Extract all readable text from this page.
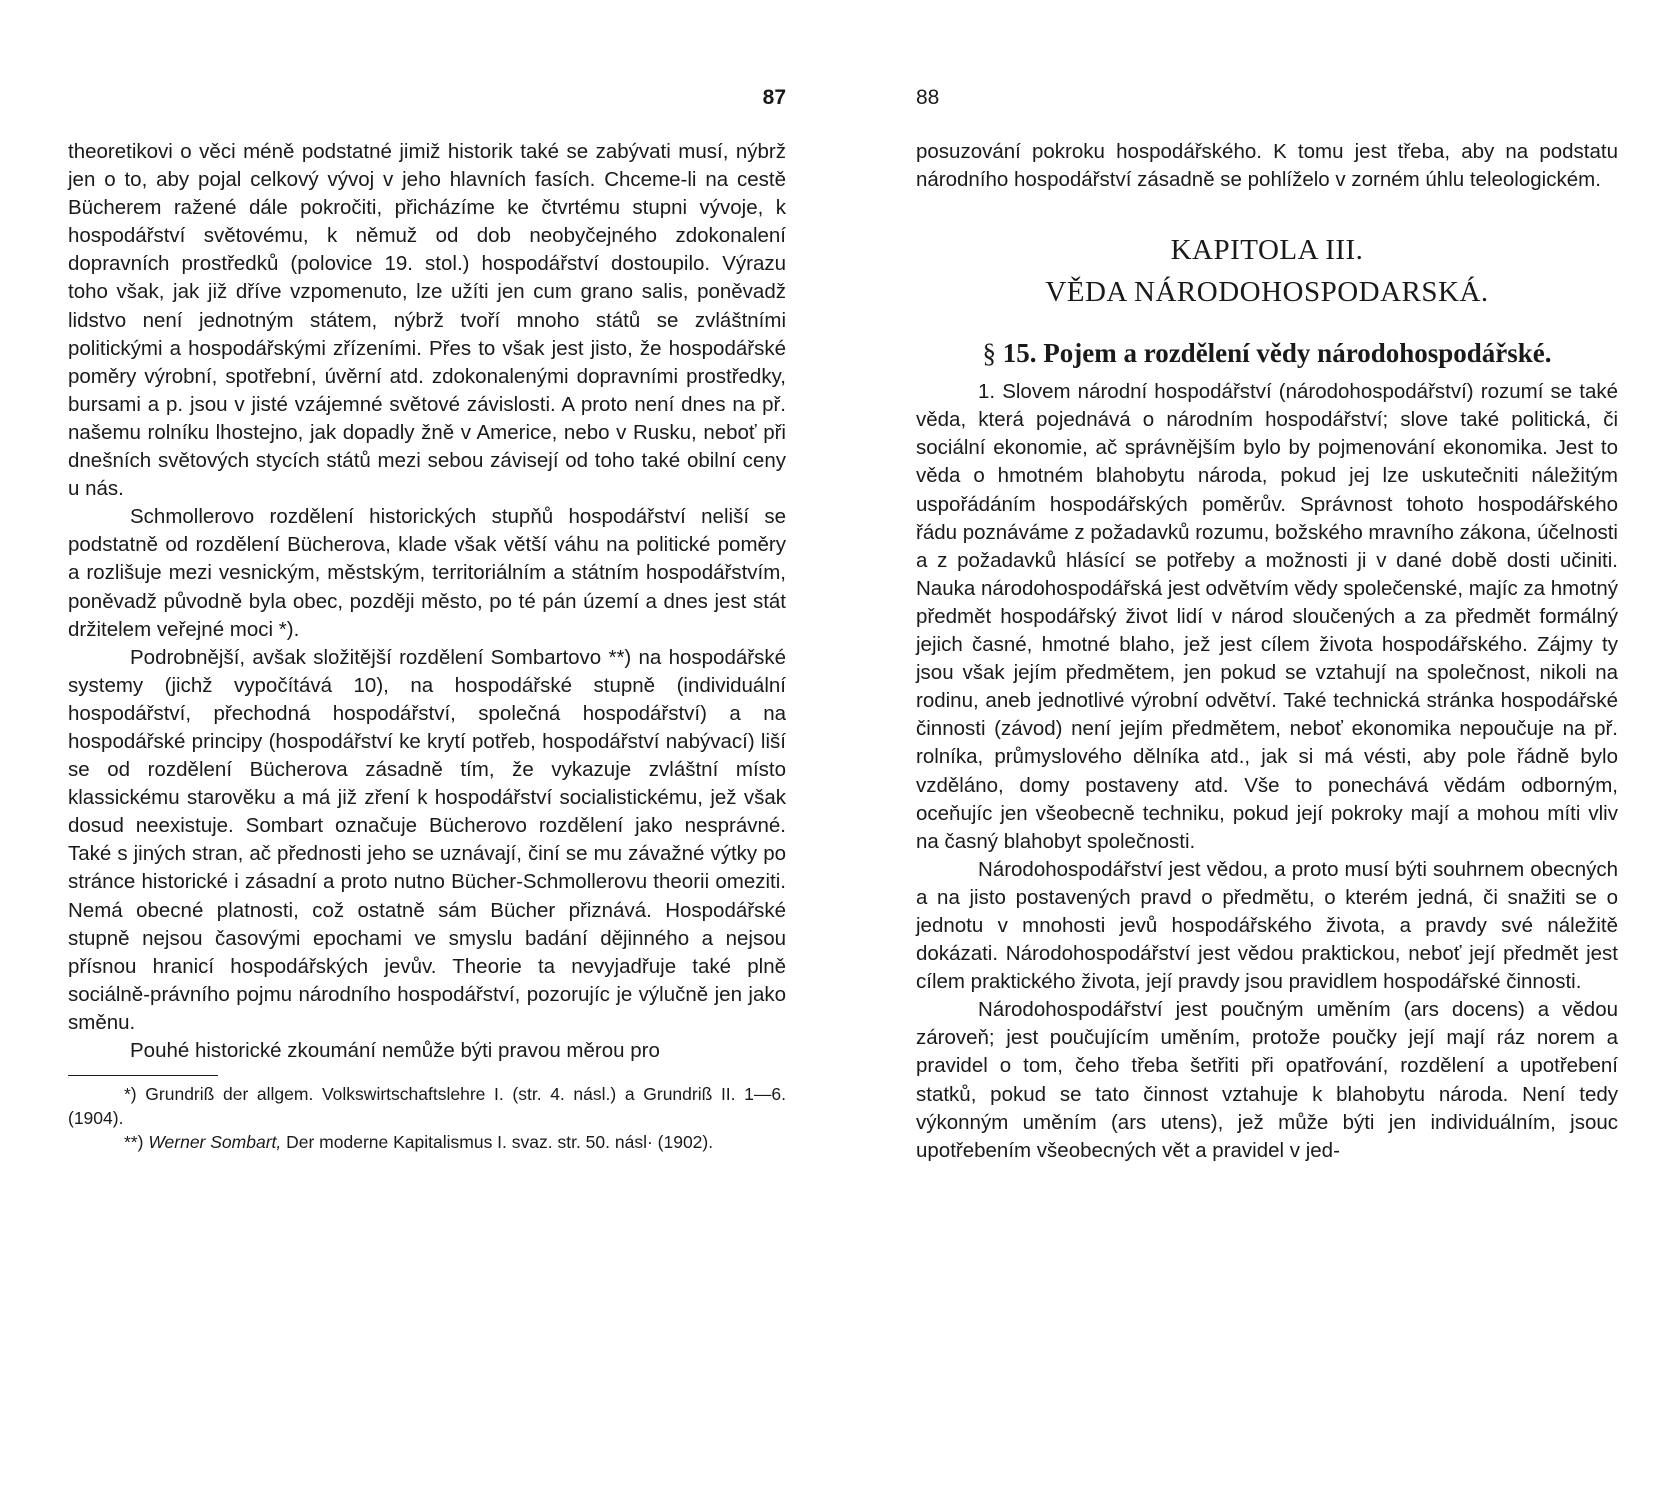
87

theoretikovi o věci méně podstatné jimiž historik také se zabývati musí, nýbrž jen o to, aby pojal celkový vývoj v jeho hlavních fasích. Chceme-li na cestě Bücherem ražené dále pokročiti, přicházíme ke čtvrtému stupni vývoje, k hospodářství světovému, k němuž od dob neobyčejného zdokonalení dopravních prostředků (polovice 19. stol.) hospodářství dostoupilo. Výrazu toho však, jak již dříve vzpomenuto, lze užíti jen cum grano salis, poněvadž lidstvo není jednotným státem, nýbrž tvoří mnoho států se zvláštními politickými a hospodářskými zřízeními. Přes to však jest jisto, že hospodářské poměry výrobní, spotřební, úvěrní atd. zdokonalenými dopravními prostředky, bursami a p. jsou v jisté vzájemné světové závislosti. A proto není dnes na př. našemu rolníku lhostejno, jak dopadly žně v Americe, nebo v Rusku, neboť při dnešních světových stycích států mezi sebou závisejí od toho také obilní ceny u nás.

Schmollerovo rozdělení historických stupňů hospodářství neliší se podstatně od rozdělení Bücherova, klade však větší váhu na politické poměry a rozlišuje mezi vesnickým, městským, territoriálním a státním hospodářstvím, poněvadž původně byla obec, později město, po té pán území a dnes jest stát držitelem veřejné moci *).

Podrobnější, avšak složitější rozdělení Sombartovo **) na hospodářské systemy (jichž vypočítává 10), na hospodářské stupně (individuální hospodářství, přechodná hospodářství, společná hospodářství) a na hospodářské principy (hospodářství ke krytí potřeb, hospodářství nabývací) liší se od rozdělení Bücherova zásadně tím, že vykazuje zvláštní místo klassickému starověku a má již zření k hospodářství socialistickému, jež však dosud neexistuje. Sombart označuje Bücherovo rozdělení jako nesprávné. Také s jiných stran, ač přednosti jeho se uznávají, činí se mu závažné výtky po stránce historické i zásadní a proto nutno Bücher-Schmollerovu theorii omeziti. Nemá obecné platnosti, což ostatně sám Bücher přiznává. Hospodářské stupně nejsou časovými epochami ve smyslu badání dějinného a nejsou přísnou hranicí hospodářských jevův. Theorie ta nevyjadřuje také plně sociálně-právního pojmu národního hospodářství, pozorujíc je výlučně jen jako směnu.

Pouhé historické zkoumání nemůže býti pravou měrou pro

*) Grundriß der allgem. Volkswirtschaftslehre I. (str. 4. násl.) a Grundriß II. 1—6. (1904).

**) Werner Sombart, Der moderne Kapitalismus I. svaz. str. 50. násl· (1902).

88

posuzování pokroku hospodářského. K tomu jest třeba, aby na podstatu národního hospodářství zásadně se pohlíželo v zorném úhlu teleologickém.

KAPITOLA III.
VĚDA NÁRODOHOSPODARSKÁ.
§ 15. Pojem a rozdělení vědy národohospodářské.

1. Slovem národní hospodářství (národohospodářství) rozumí se také věda, která pojednává o národním hospodářství; slove také politická, či sociální ekonomie, ač správnějším bylo by pojmenování ekonomika. Jest to věda o hmotném blahobytu národa, pokud jej lze uskutečniti náležitým uspořádáním hospodářských poměrův. Správnost tohoto hospodářského řádu poznáváme z požadavků rozumu, božského mravního zákona, účelnosti a z požadavků hlásící se potřeby a možnosti ji v dané době dosti učiniti. Nauka národohospodářská jest odvětvím vědy společenské, majíc za hmotný předmět hospodářský život lidí v národ sloučených a za předmět formálný jejich časné, hmotné blaho, jež jest cílem života hospodářského. Zájmy ty jsou však jejím předmětem, jen pokud se vztahují na společnost, nikoli na rodinu, aneb jednotlivé výrobní odvětví. Také technická stránka hospodářské činnosti (závod) není jejím předmětem, neboť ekonomika nepoučuje na př. rolníka, průmyslového dělníka atd., jak si má vésti, aby pole řádně bylo vzděláno, domy postaveny atd. Vše to ponechává vědám odborným, oceňujíc jen všeobecně techniku, pokud její pokroky mají a mohou míti vliv na časný blahobyt společnosti.

Národohospodářství jest vědou, a proto musí býti souhrnem obecných a na jisto postavených pravd o předmětu, o kterém jedná, či snažiti se o jednotu v mnohosti jevů hospodářského života, a pravdy své náležitě dokázati. Národohospodářství jest vědou praktickou, neboť její předmět jest cílem praktického života, její pravdy jsou pravidlem hospodářské činnosti.

Národohospodářství jest poučným uměním (ars docens) a vědou zároveň; jest poučujícím uměním, protože poučky její mají ráz norem a pravidel o tom, čeho třeba šetřiti při opatřování, rozdělení a upotřebení statků, pokud se tato činnost vztahuje k blahobytu národa. Není tedy výkonným uměním (ars utens), jež může býti jen individuálním, jsouc upotřebením všeobecných vět a pravidel v jed-
